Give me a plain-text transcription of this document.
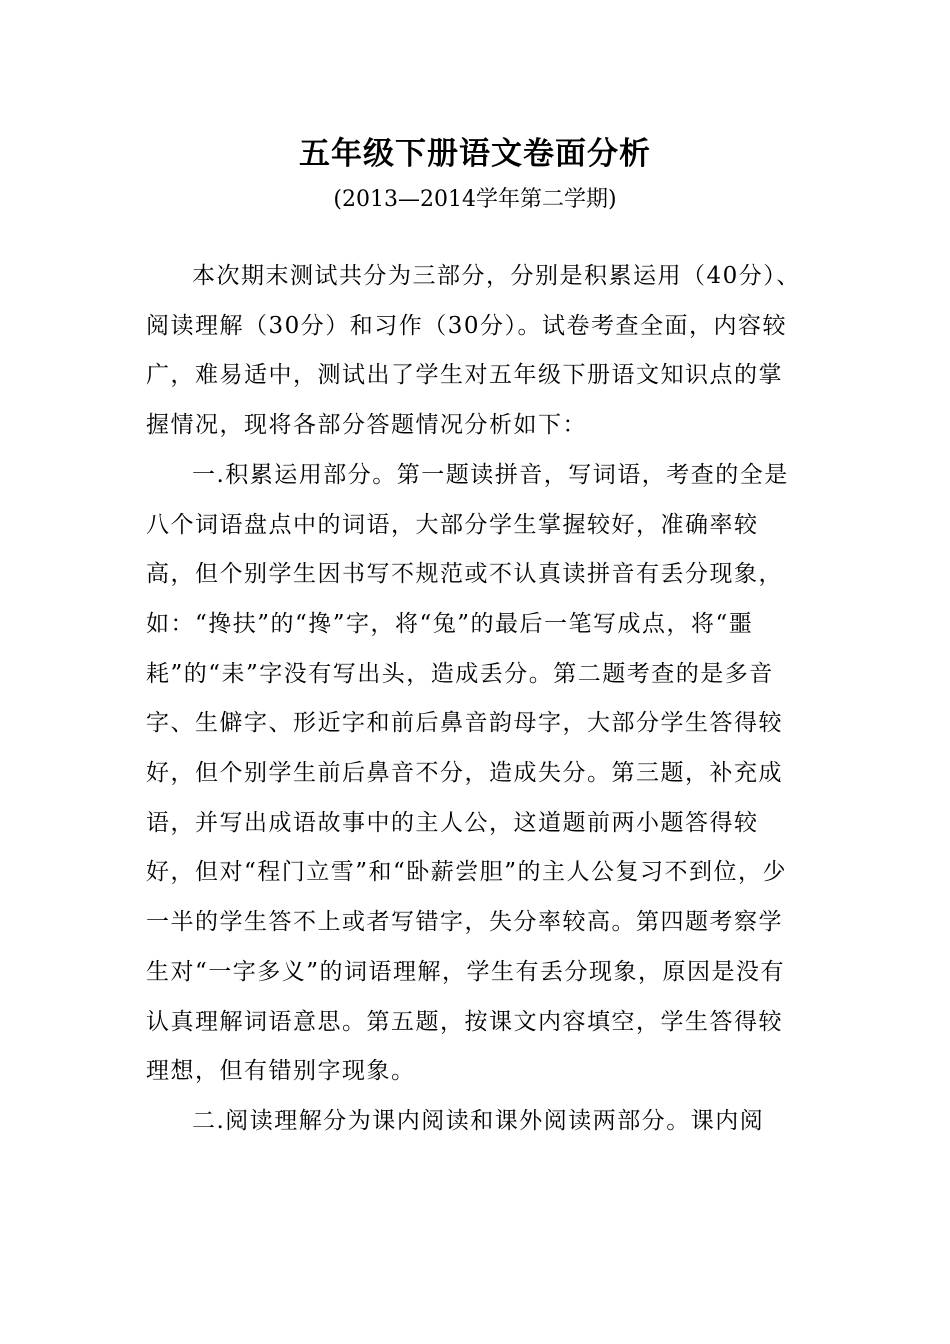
五年级下册语文卷面分析
(2013—2014学年第二学期)

本次期末测试共分为三部分，分别是积累运用（40分）、阅读理解（30分）和习作（30分）。试卷考查全面，内容较广，难易适中，测试出了学生对五年级下册语文知识点的掌握情况，现将各部分答题情况分析如下：

一.积累运用部分。第一题读拼音，写词语，考查的全是八个词语盘点中的词语，大部分学生掌握较好，准确率较高，但个别学生因书写不规范或不认真读拼音有丢分现象，如：“搀扶”的“搀”字，将“兔”的最后一笔写成点，将“噩耗”的“耒”字没有写出头，造成丢分。第二题考查的是多音字、生僻字、形近字和前后鼻音韵母字，大部分学生答得较好，但个别学生前后鼻音不分，造成失分。第三题，补充成语，并写出成语故事中的主人公，这道题前两小题答得较好，但对“程门立雪”和“卧薪尝胆”的主人公复习不到位，少一半的学生答不上或者写错字，失分率较高。第四题考察学生对“一字多义”的词语理解，学生有丢分现象，原因是没有认真理解词语意思。第五题，按课文内容填空，学生答得较理想，但有错别字现象。

二.阅读理解分为课内阅读和课外阅读两部分。课内阅
